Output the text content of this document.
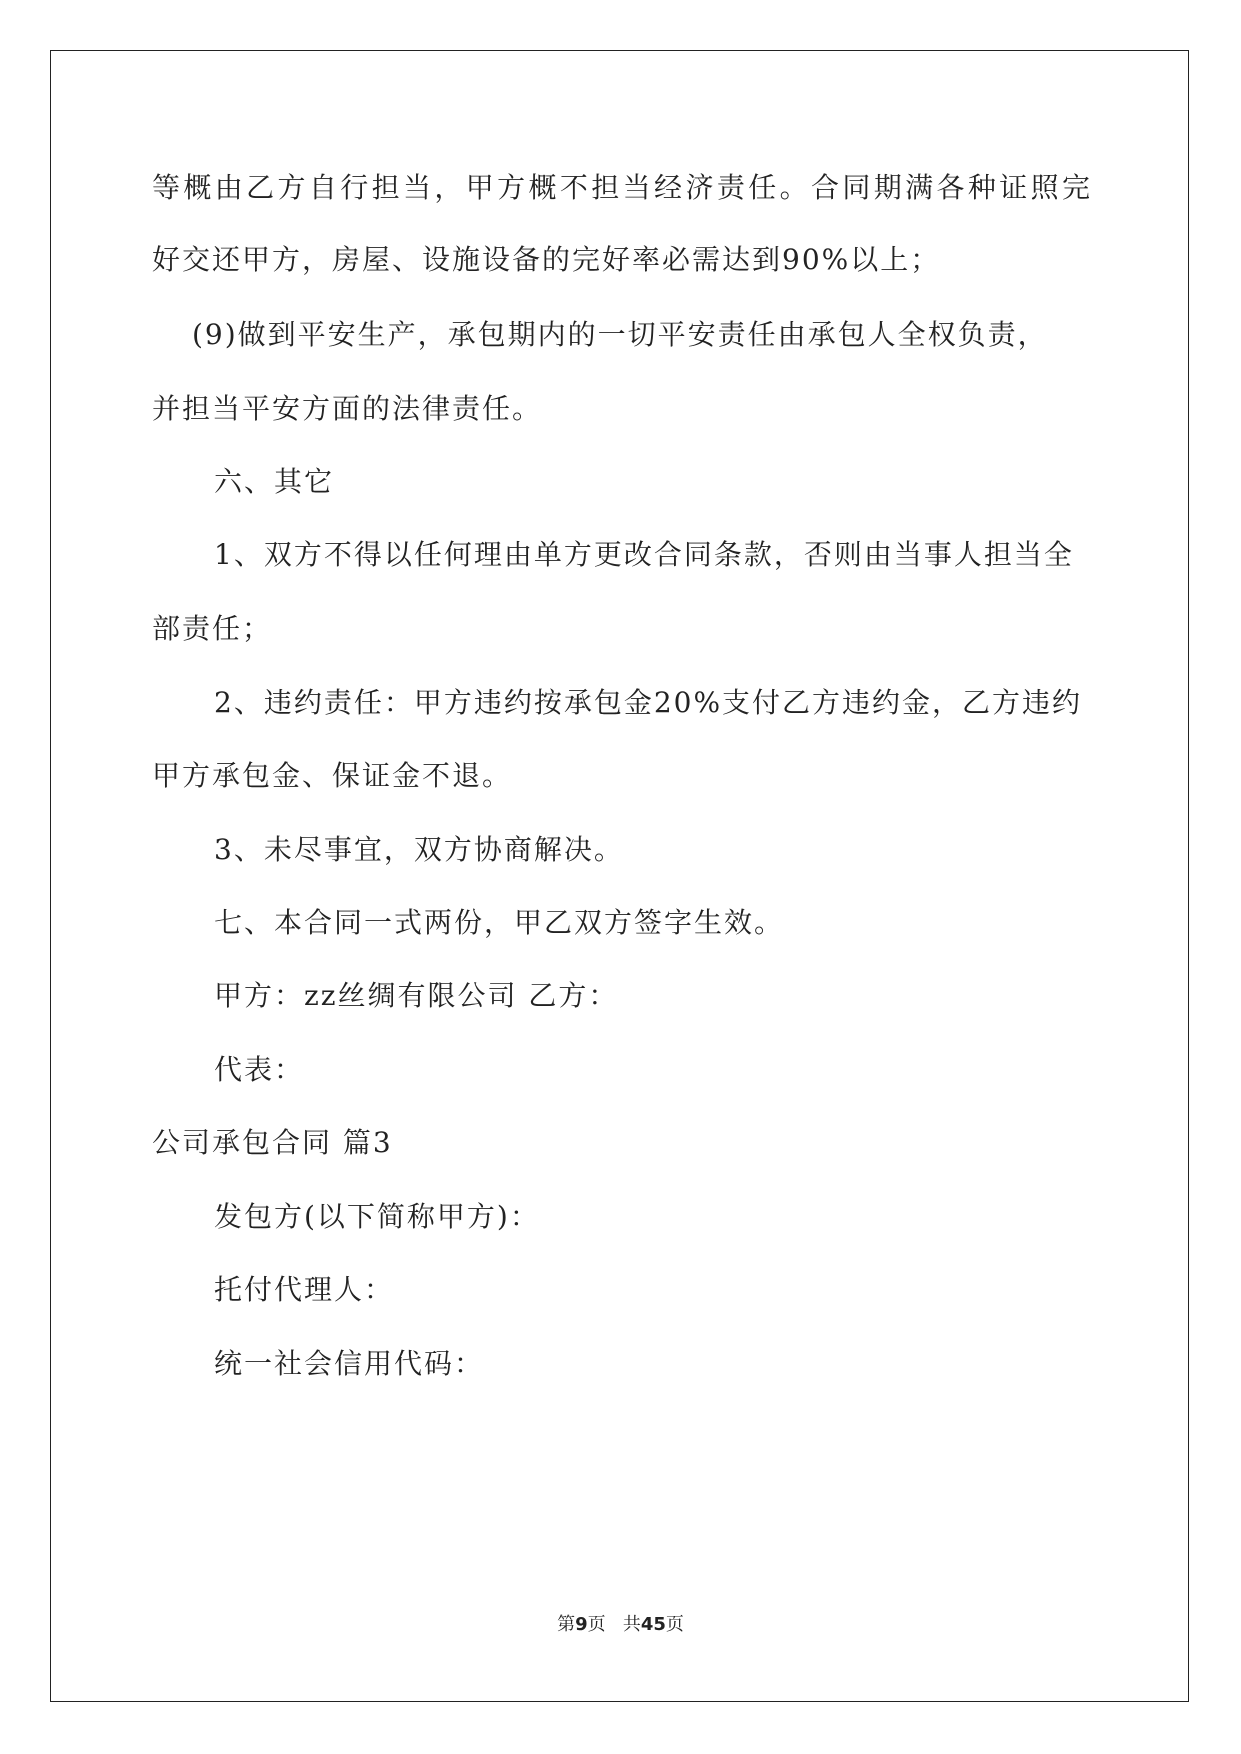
等概由乙方自行担当，甲方概不担当经济责任。合同期满各种证照完
好交还甲方，房屋、设施设备的完好率必需达到90%以上；
(9)做到平安生产，承包期内的一切平安责任由承包人全权负责，
并担当平安方面的法律责任。
六、其它
1、双方不得以任何理由单方更改合同条款，否则由当事人担当全
部责任；
2、违约责任：甲方违约按承包金20%支付乙方违约金，乙方违约
甲方承包金、保证金不退。
3、未尽事宜，双方协商解决。
七、本合同一式两份，甲乙双方签字生效。
甲方：zz丝绸有限公司 乙方：
代表：
公司承包合同 篇3
发包方(以下简称甲方)：
托付代理人：
统一社会信用代码：
第9页 共45页
